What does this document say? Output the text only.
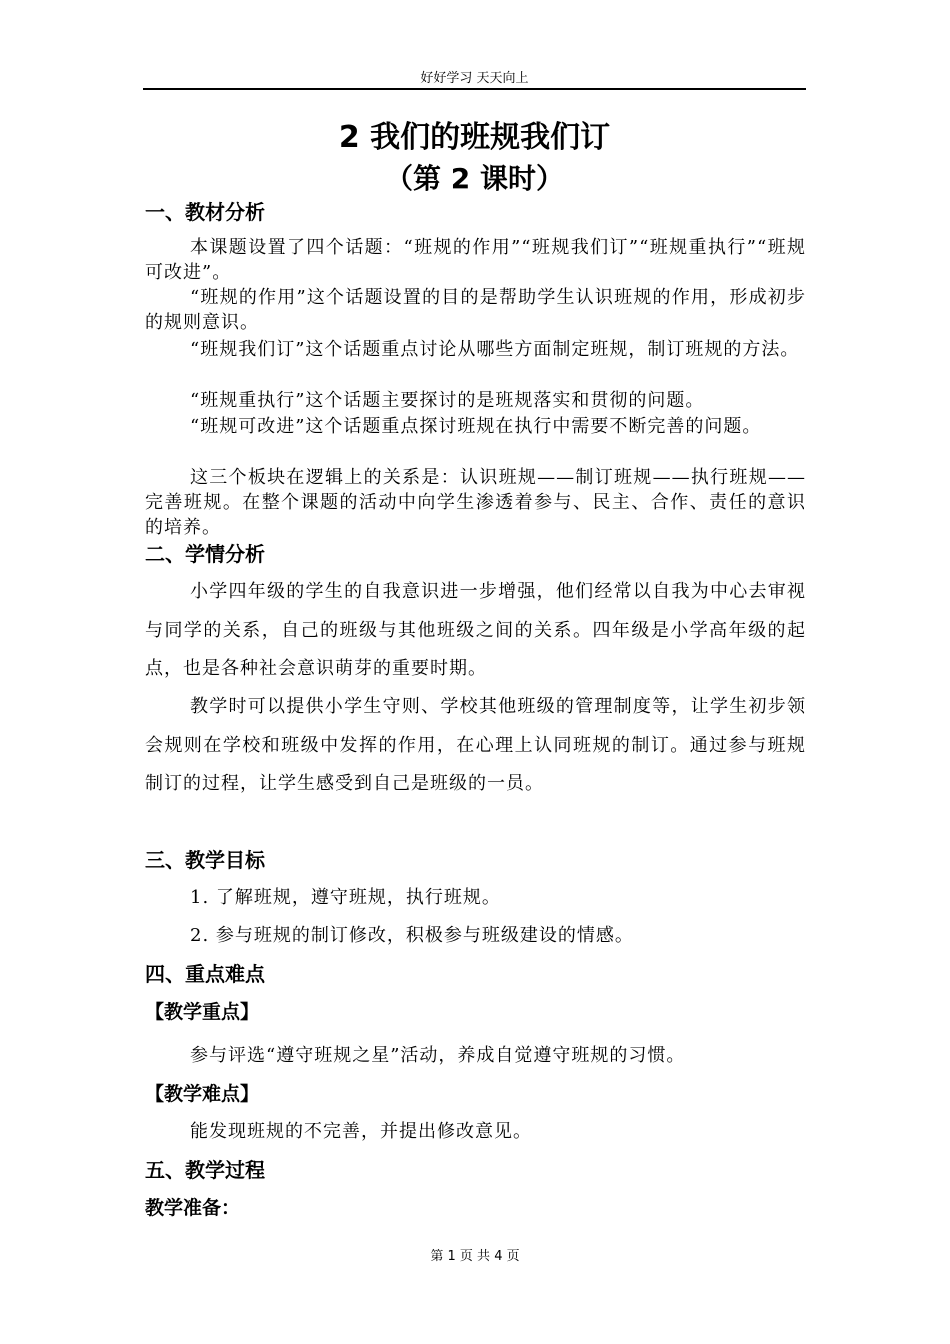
好好学习 天天向上
2 我们的班规我们订
（第 2 课时）
一、教材分析
本课题设置了四个话题：“班规的作用”“班规我们订”“班规重执行”“班规可改进”。
“班规的作用”这个话题设置的目的是帮助学生认识班规的作用，形成初步的规则意识。
“班规我们订”这个话题重点讨论从哪些方面制定班规，制订班规的方法。
“班规重执行”这个话题主要探讨的是班规落实和贯彻的问题。
“班规可改进”这个话题重点探讨班规在执行中需要不断完善的问题。
这三个板块在逻辑上的关系是：认识班规——制订班规——执行班规——完善班规。在整个课题的活动中向学生渗透着参与、民主、合作、责任的意识的培养。
二、学情分析
小学四年级的学生的自我意识进一步增强，他们经常以自我为中心去审视与同学的关系，自己的班级与其他班级之间的关系。四年级是小学高年级的起点，也是各种社会意识萌芽的重要时期。
教学时可以提供小学生守则、学校其他班级的管理制度等，让学生初步领会规则在学校和班级中发挥的作用，在心理上认同班规的制订。通过参与班规制订的过程，让学生感受到自己是班级的一员。
三、教学目标
1. 了解班规，遵守班规，执行班规。
2. 参与班规的制订修改，积极参与班级建设的情感。
四、重点难点
【教学重点】
参与评选“遵守班规之星”活动，养成自觉遵守班规的习惯。
【教学难点】
能发现班规的不完善，并提出修改意见。
五、教学过程
教学准备：
第 1 页 共 4 页
